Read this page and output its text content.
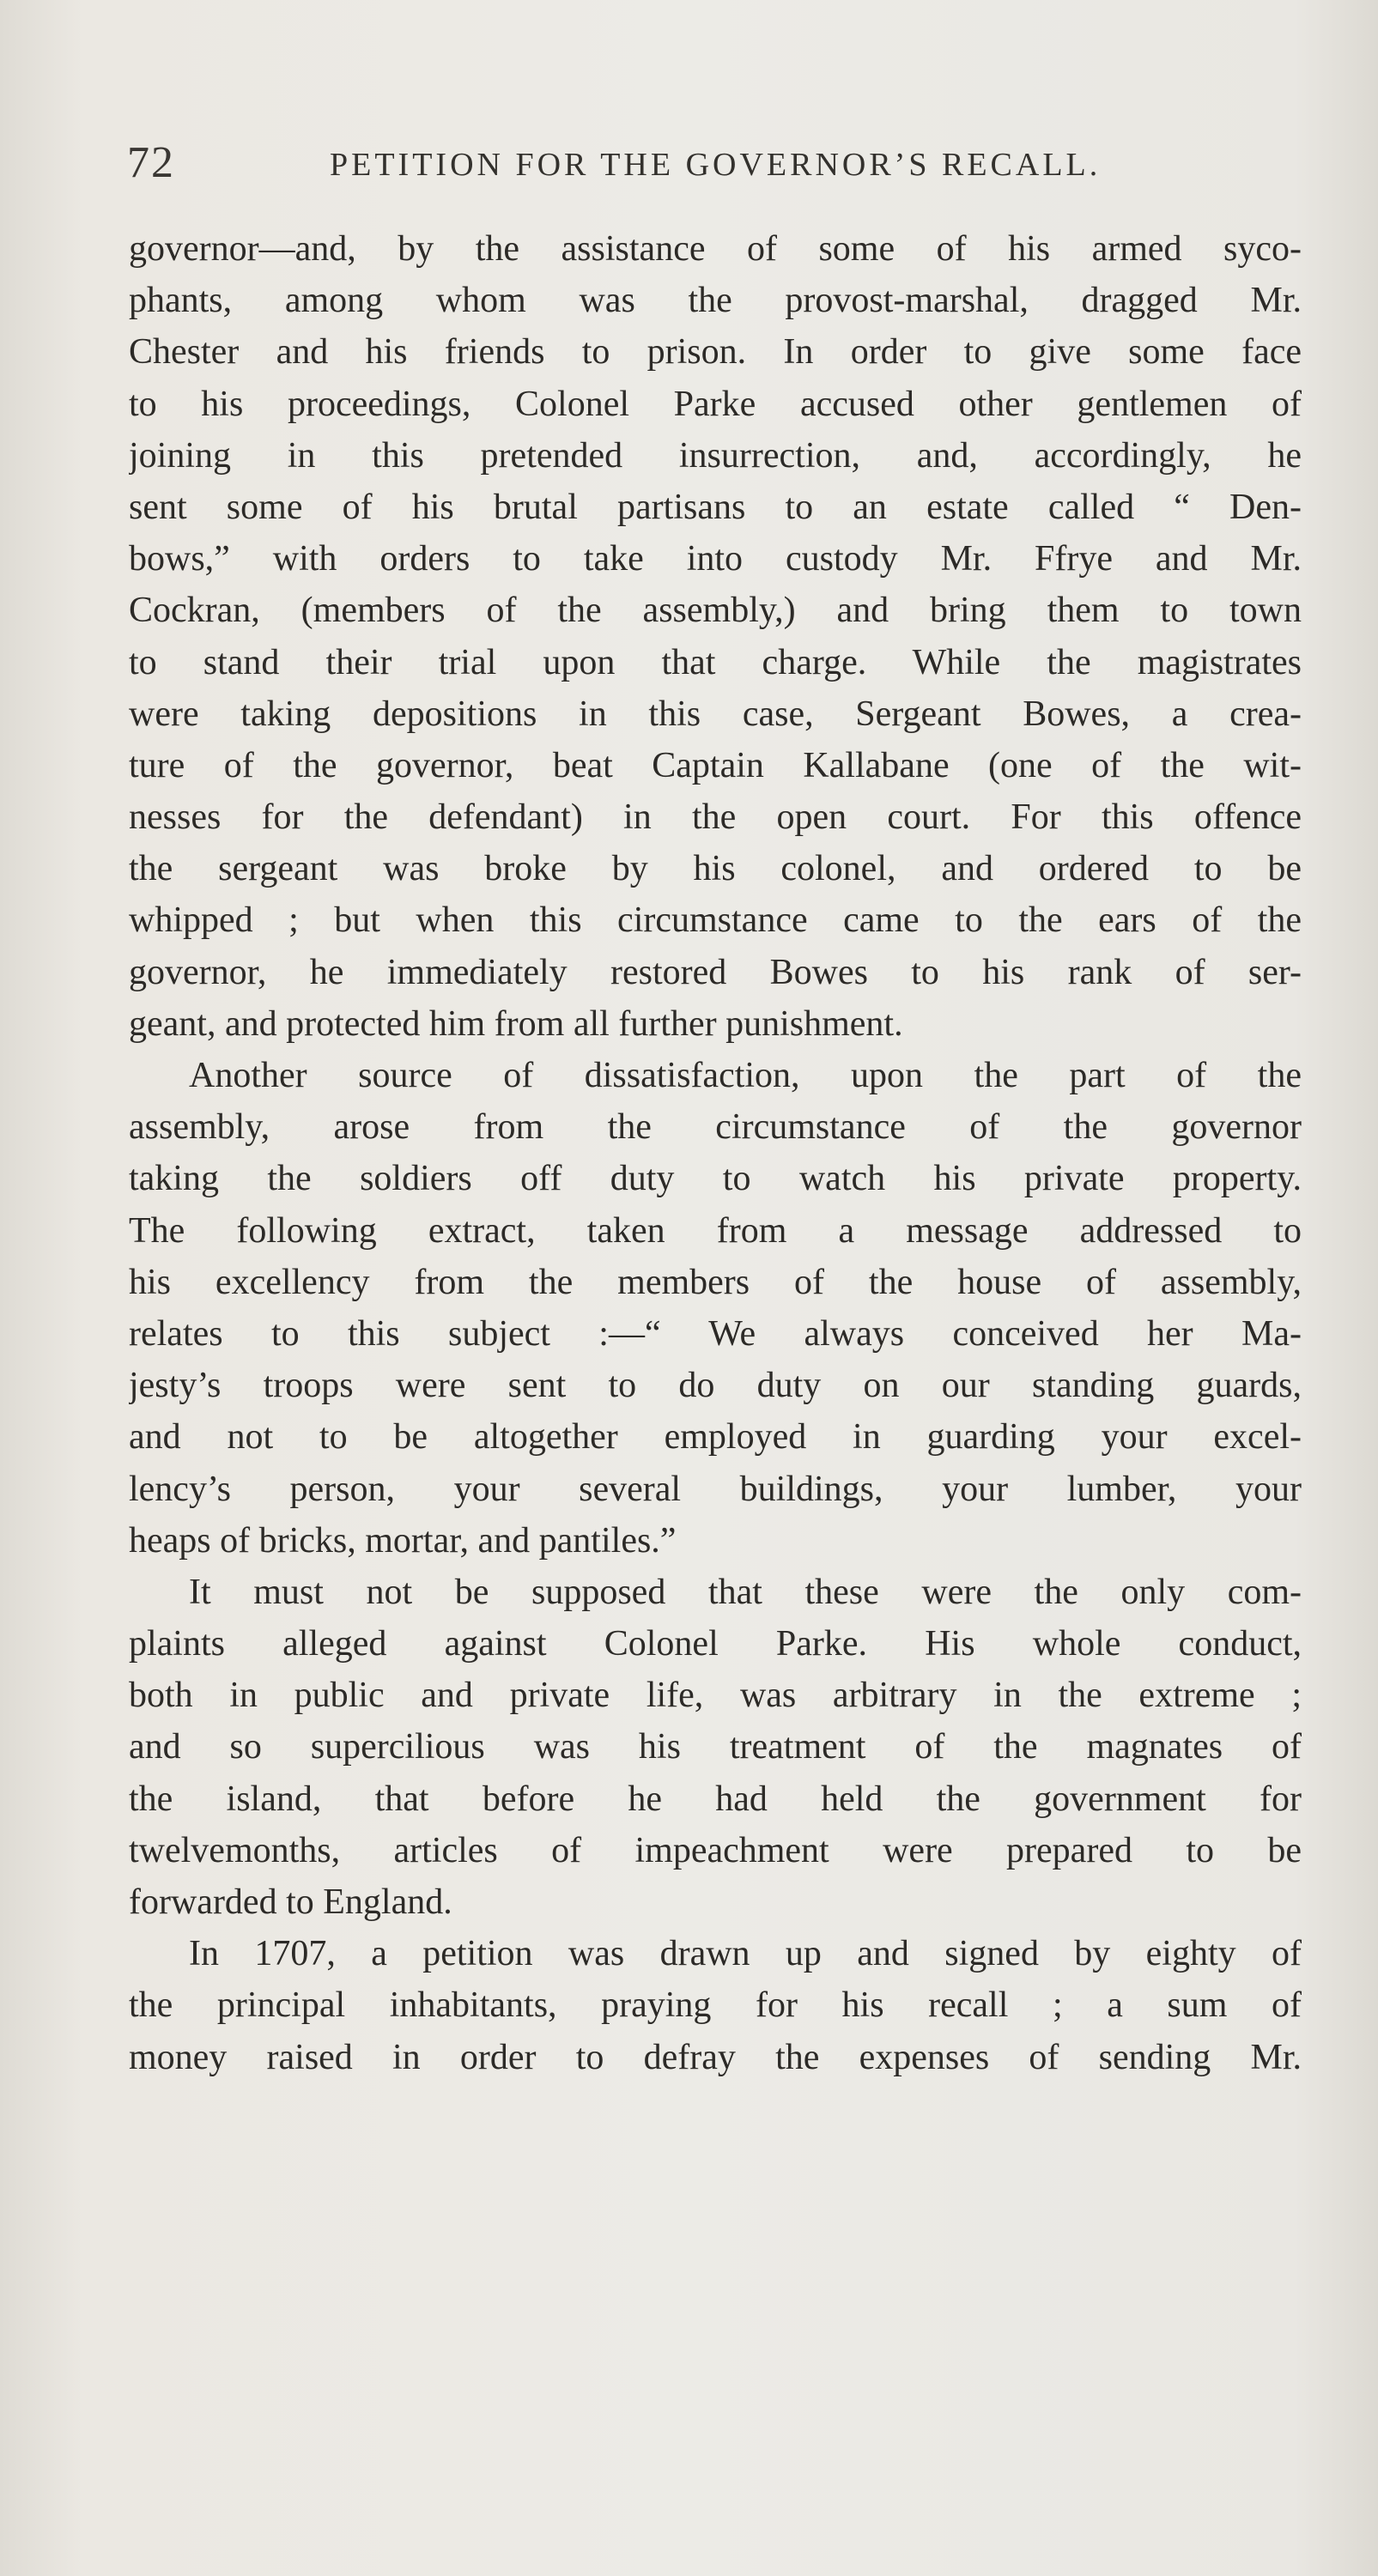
72	PETITION FOR THE GOVERNOR’S RECALL.
governor—and, by the assistance of some of his armed syco-
phants, among whom was the provost-marshal, dragged Mr.
Chester and his friends to prison. In order to give some face
to his proceedings, Colonel Parke accused other gentlemen of
joining in this pretended insurrection, and, accordingly, he
sent some of his brutal partisans to an estate called “ Den-
bows,” with orders to take into custody Mr. Ffrye and Mr.
Cockran, (members of the assembly,) and bring them to town
to stand their trial upon that charge. While the magistrates
were taking depositions in this case, Sergeant Bowes, a crea-
ture of the governor, beat Captain Kallabane (one of the wit-
nesses for the defendant) in the open court. For this offence
the sergeant was broke by his colonel, and ordered to be
whipped ; but when this circumstance came to the ears of the
governor, he immediately restored Bowes to his rank of ser-
geant, and protected him from all further punishment.
Another source of dissatisfaction, upon the part of the
assembly, arose from the circumstance of the governor
taking the soldiers off duty to watch his private property.
The following extract, taken from a message addressed to
his excellency from the members of the house of assembly,
relates to this subject :—“ We always conceived her Ma-
jesty’s troops were sent to do duty on our standing guards,
and not to be altogether employed in guarding your excel-
lency’s person, your several buildings, your lumber, your
heaps of bricks, mortar, and pantiles.”
It must not be supposed that these were the only com-
plaints alleged against Colonel Parke. His whole conduct,
both in public and private life, was arbitrary in the extreme ;
and so supercilious was his treatment of the magnates of
the island, that before he had held the government for
twelvemonths, articles of impeachment were prepared to be
forwarded to England.
In 1707, a petition was drawn up and signed by eighty of
the principal inhabitants, praying for his recall ; a sum of
money raised in order to defray the expenses of sending Mr.
